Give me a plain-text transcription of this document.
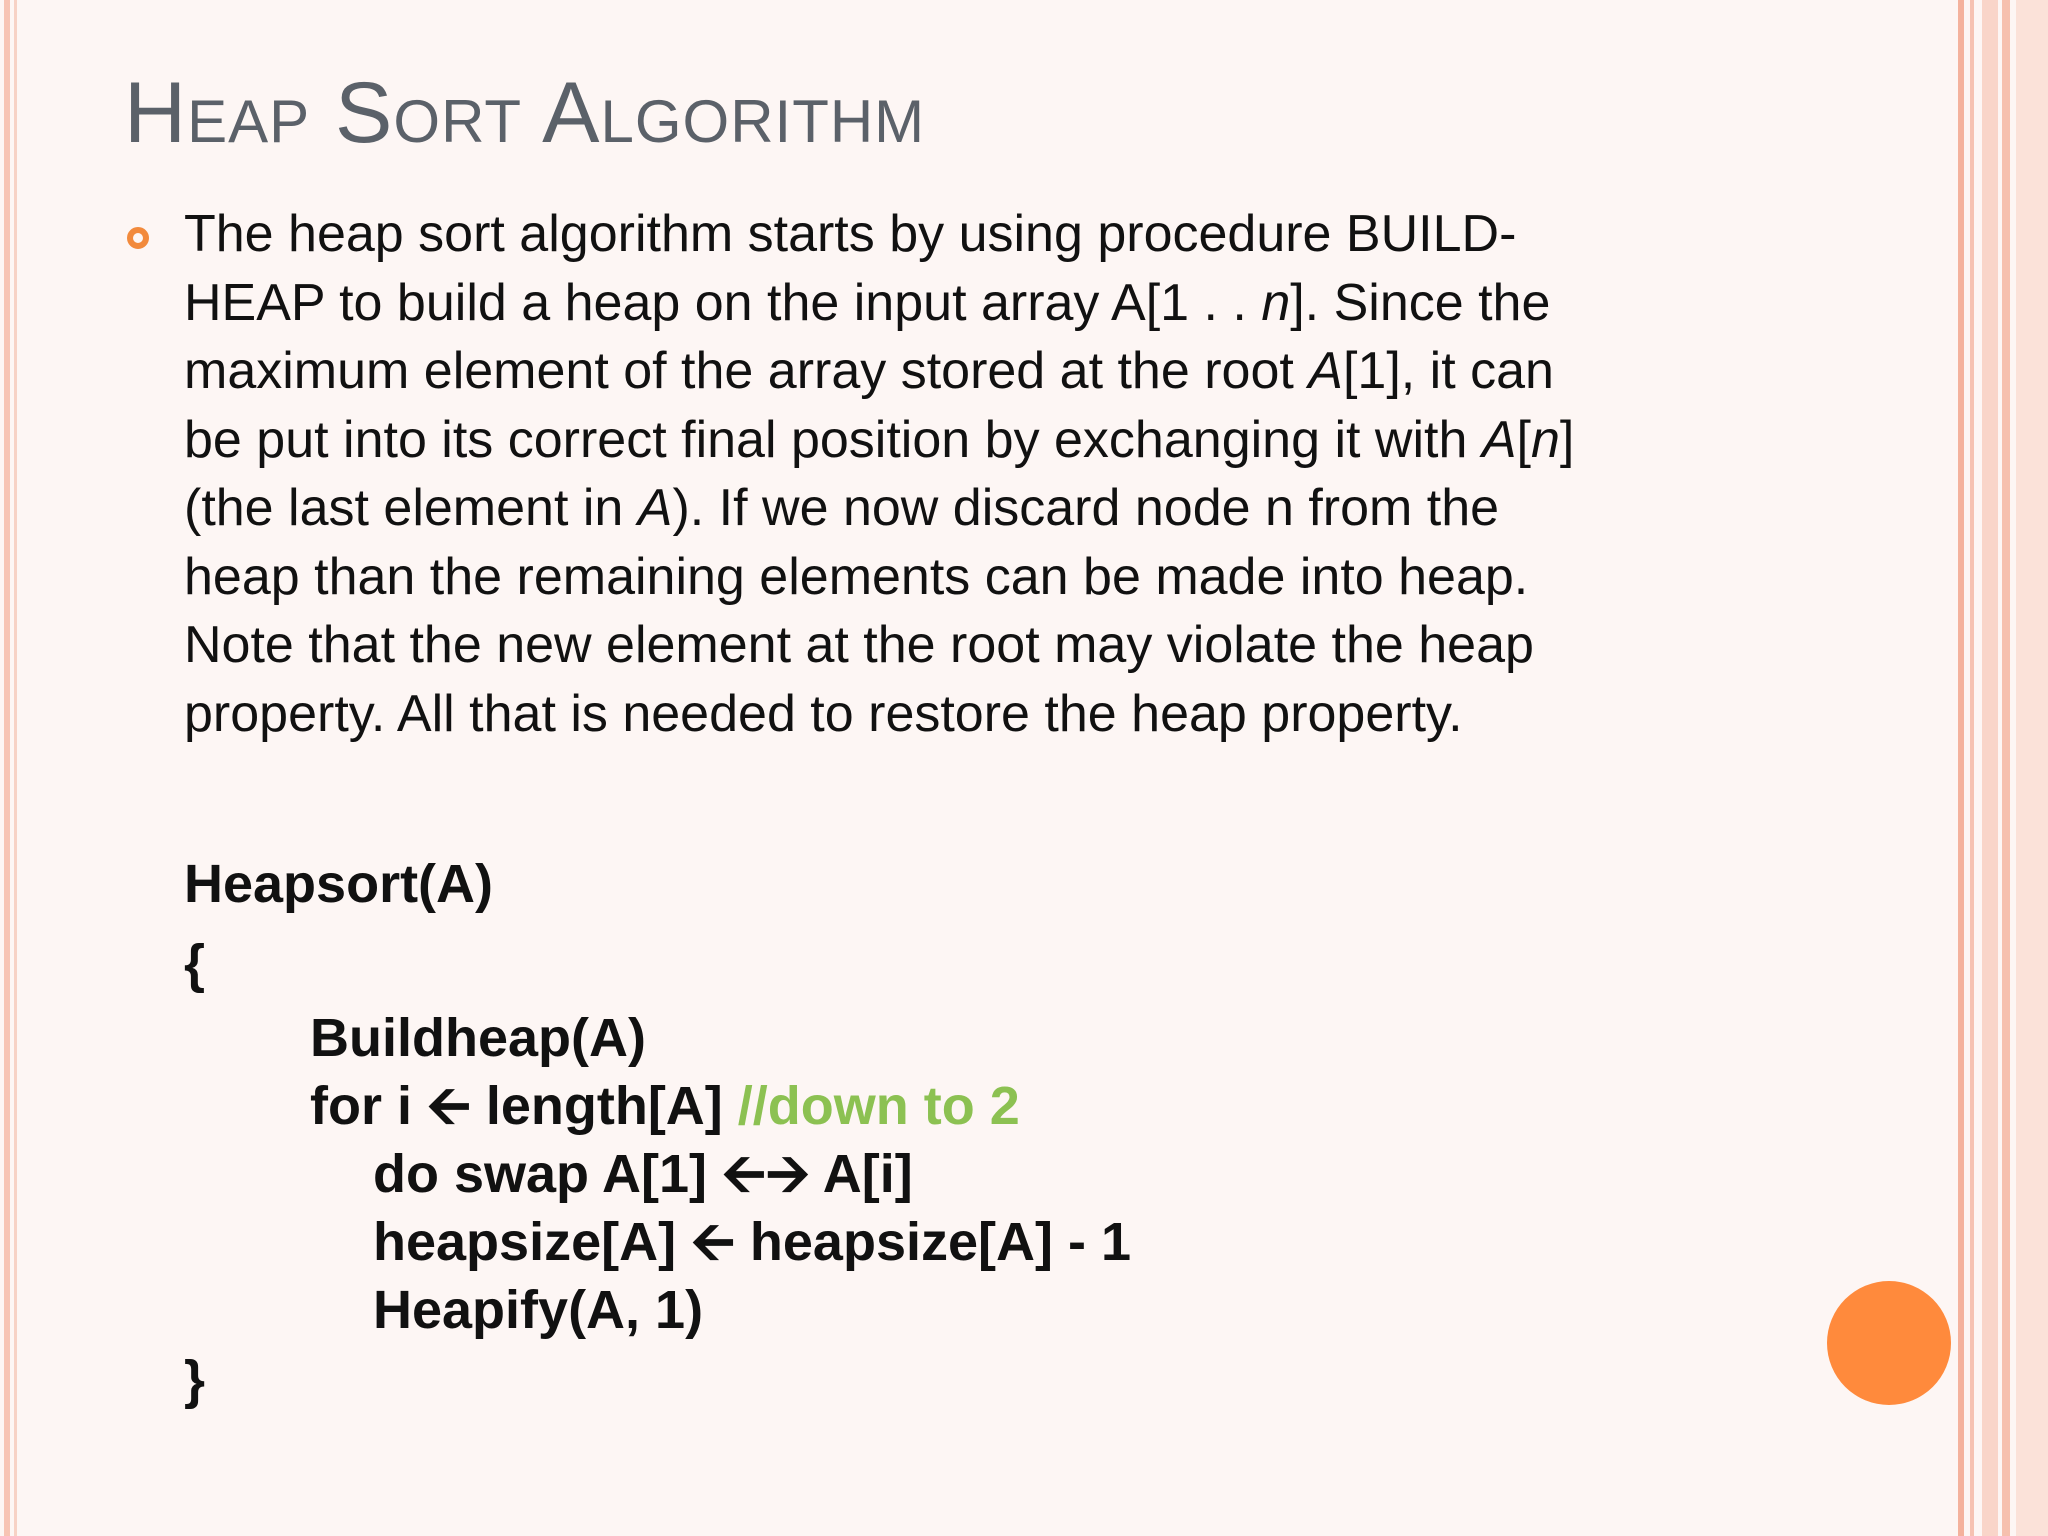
Heap Sort Algorithm
The heap sort algorithm starts by using procedure BUILD-
HEAP to build a heap on the input array A[1 . . n]. Since the
maximum element of the array stored at the root A[1], it can
be put into its correct final position by exchanging it with A[n]
(the last element in A). If we now discard node n from the
heap than the remaining elements can be made into heap.
Note that the new element at the root may violate the heap
property. All that is needed to restore the heap property.
Heapsort(A)
{
Buildheap(A)
for i 🡨 length[A] //down to 2
do swap A[1] 🡨🡪 A[i]
heapsize[A] 🡨 heapsize[A] - 1
Heapify(A, 1)
}
